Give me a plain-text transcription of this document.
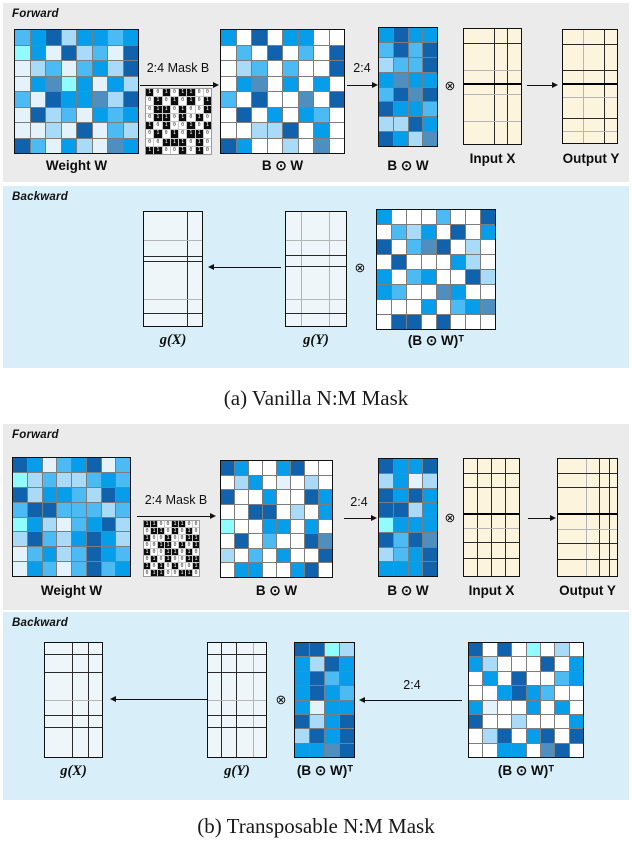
Forward
Weight W
2:4 Mask B
1	0	1	0	1	1	0	0
0	1	0	1	0	1	0	1
0	1	1	0	1	0	0	1
0	1	1	0	1	0	1	0
1	0	1	0	0	1	0	1
0	1	0	1	0	1	1	0
0	0	1	1	1	0	1	0
1	1	0	0	1	0	1	0
B ⊙ W
2:4
B ⊙ W
⊗
Input X	Output Y
Backward
g(X)	g(Y)
⊗
(B ⊙ W)ᵀ
(a) Vanilla N:M Mask
Forward
Weight W
2:4 Mask B
1 1 0 0 1 1 0 0
0 1 1 0 1 0 1 0
1 0 0 1 0 0 1 1
0 0 1 1 0 1 0 1
1 0 0 1 1 0 1 0
0 1 0 1 0 0 1 1
1 0 1 0 1 0 0 1
0 1 1 0 0 1 1 0
B ⊙ W
2:4
B ⊙ W
⊗
Input X	Output Y
Backward
g(X)	g(Y)
⊗
(B ⊙ W)ᵀ
2:4
(B ⊙ W)ᵀ
(b) Transposable N:M Mask
